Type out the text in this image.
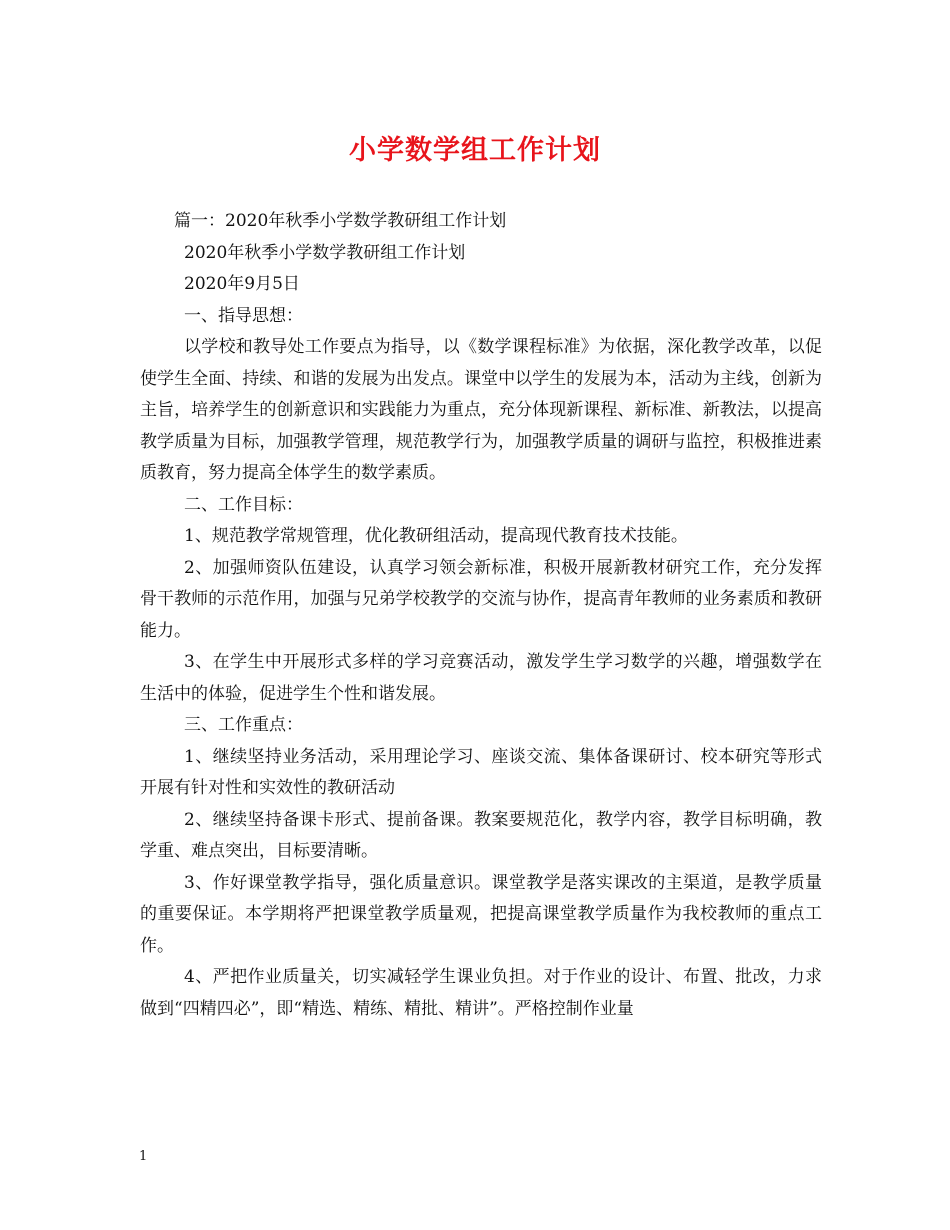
小学数学组工作计划

篇一：2020年秋季小学数学教研组工作计划

2020年秋季小学数学教研组工作计划

2020年9月5日

一、指导思想：

以学校和教导处工作要点为指导，以《数学课程标准》为依据，深化教学改革，以促使学生全面、持续、和谐的发展为出发点。课堂中以学生的发展为本，活动为主线，创新为主旨，培养学生的创新意识和实践能力为重点，充分体现新课程、新标准、新教法，以提高教学质量为目标，加强教学管理，规范教学行为，加强教学质量的调研与监控，积极推进素质教育，努力提高全体学生的数学素质。

二、工作目标：

1、规范教学常规管理，优化教研组活动，提高现代教育技术技能。

2、加强师资队伍建设，认真学习领会新标准，积极开展新教材研究工作，充分发挥骨干教师的示范作用，加强与兄弟学校教学的交流与协作，提高青年教师的业务素质和教研能力。

3、在学生中开展形式多样的学习竞赛活动，激发学生学习数学的兴趣，增强数学在生活中的体验，促进学生个性和谐发展。

三、工作重点：

1、继续坚持业务活动，采用理论学习、座谈交流、集体备课研讨、校本研究等形式开展有针对性和实效性的教研活动

2、继续坚持备课卡形式、提前备课。教案要规范化，教学内容，教学目标明确，教学重、难点突出，目标要清晰。

3、作好课堂教学指导，强化质量意识。课堂教学是落实课改的主渠道，是教学质量的重要保证。本学期将严把课堂教学质量观，把提高课堂教学质量作为我校教师的重点工作。

4、严把作业质量关，切实减轻学生课业负担。对于作业的设计、布置、批改，力求做到“四精四必”，即“精选、精练、精批、精讲”。严格控制作业量

1
